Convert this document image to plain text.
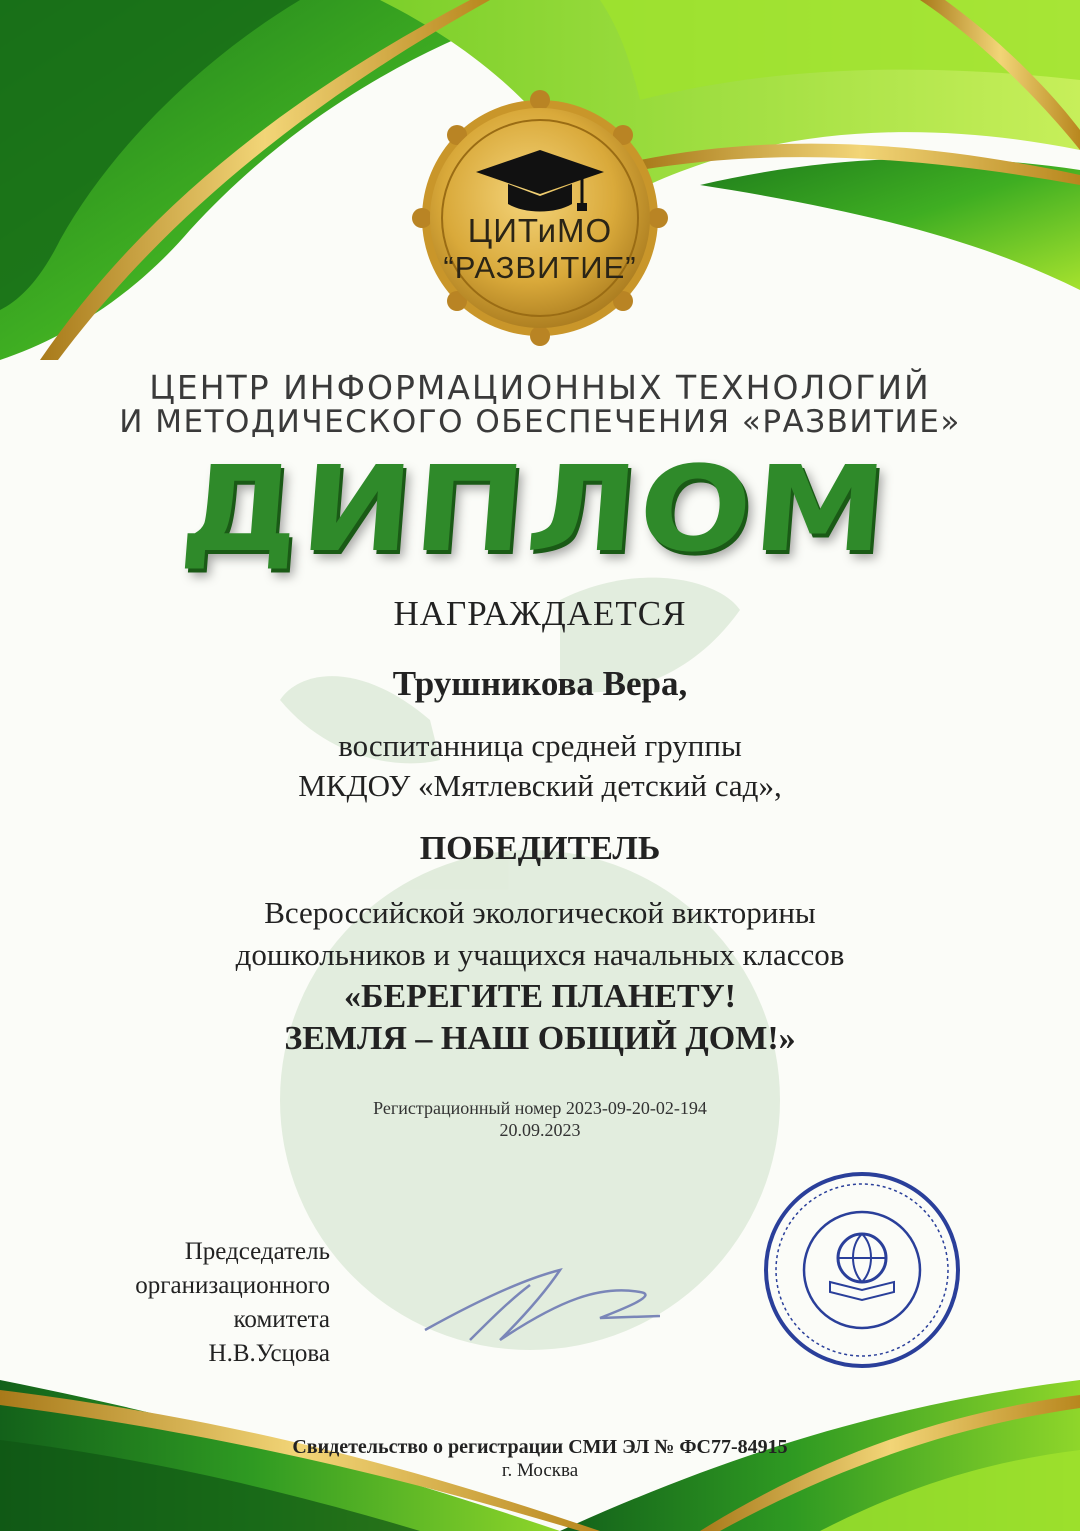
ЦИТиМО
“РАЗВИТИЕ”
ЦЕНТР ИНФОРМАЦИОННЫХ ТЕХНОЛОГИЙ
И МЕТОДИЧЕСКОГО ОБЕСПЕЧЕНИЯ «РАЗВИТИЕ»
ДИПЛОМ
НАГРАЖДАЕТСЯ
Трушникова Вера,
воспитанница средней группы
МКДОУ «Мятлевский детский сад»,
ПОБЕДИТЕЛЬ
Всероссийской экологической викторины
дошкольников и учащихся начальных классов
«БЕРЕГИТЕ ПЛАНЕТУ!
ЗЕМЛЯ – НАШ ОБЩИЙ ДОМ!»
Регистрационный номер 2023-09-20-02-194
20.09.2023
Председатель
организационного
комитета
Н.В.Усцова
Свидетельство о регистрации СМИ ЭЛ № ФС77-84915
г. Москва
